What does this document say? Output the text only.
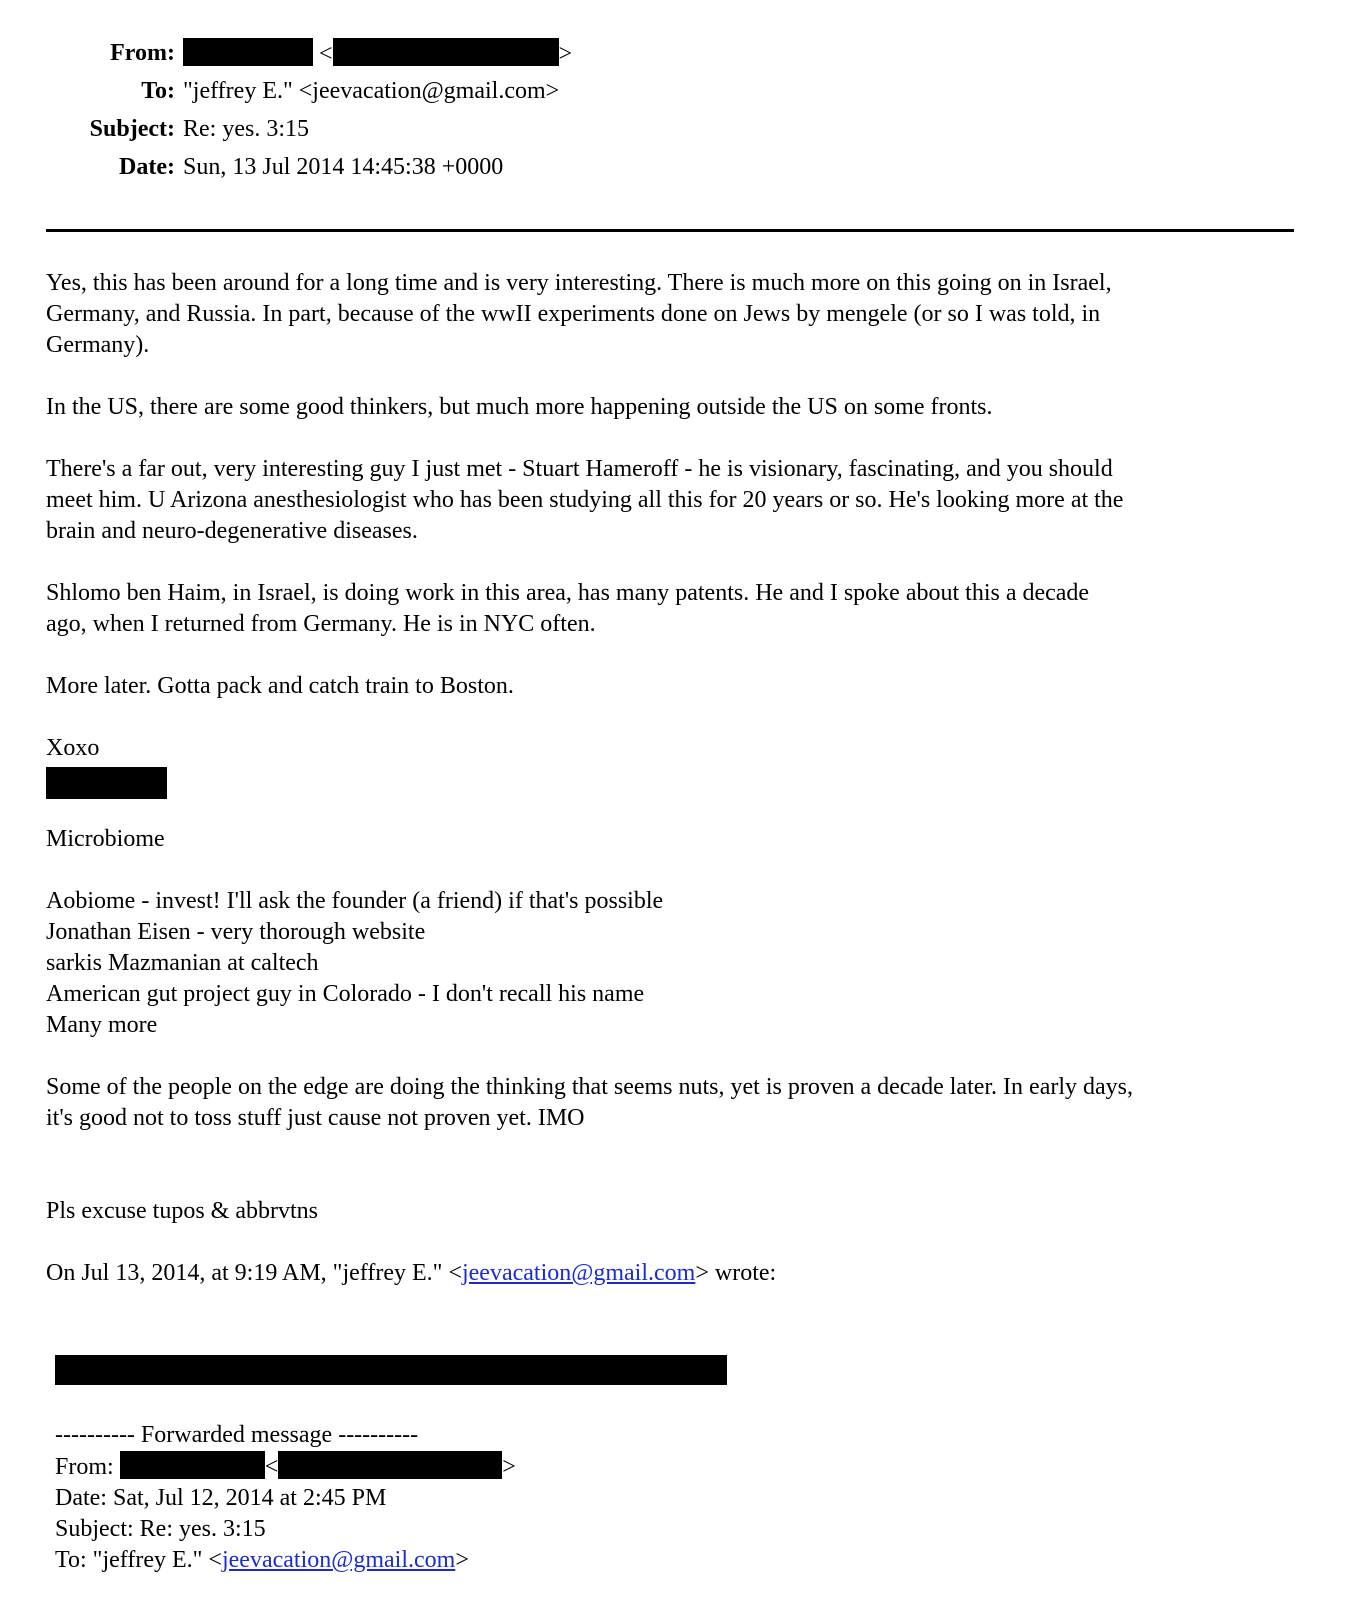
From:	<	>
To: "jeffrey E." <jeevacation@gmail.com>
Subject: Re: yes. 3:15
Date: Sun, 13 Jul 2014 14:45:38 +0000
Yes, this has been around for a long time and is very interesting. There is much more on this going on in Israel,
Germany, and Russia. In part, because of the wwII experiments done on Jews by mengele (or so I was told, in
Germany).
In the US, there are some good thinkers, but much more happening outside the US on some fronts.
There's a far out, very interesting guy I just met - Stuart Hameroff - he is visionary, fascinating, and you should
meet him. U Arizona anesthesiologist who has been studying all this for 20 years or so. He's looking more at the
brain and neuro-degenerative diseases.
Shlomo ben Haim, in Israel, is doing work in this area, has many patents. He and I spoke about this a decade
ago, when I returned from Germany. He is in NYC often.
More later. Gotta pack and catch train to Boston.
Xoxo
Microbiome
Aobiome - invest! I'll ask the founder (a friend) if that's possible
Jonathan Eisen - very thorough website
sarkis Mazmanian at caltech
American gut project guy in Colorado - I don't recall his name
Many more
Some of the people on the edge are doing the thinking that seems nuts, yet is proven a decade later. In early days,
it's good not to toss stuff just cause not proven yet. IMO
Pls excuse tupos & abbrvtns
On Jul 13, 2014, at 9:19 AM, "jeffrey E." <jeevacation@gmail.com> wrote:
---------- Forwarded message ----------
From:	<	>
Date: Sat, Jul 12, 2014 at 2:45 PM
Subject: Re: yes. 3:15
To: "jeffrey E." <jeevacation@gmail.com>
